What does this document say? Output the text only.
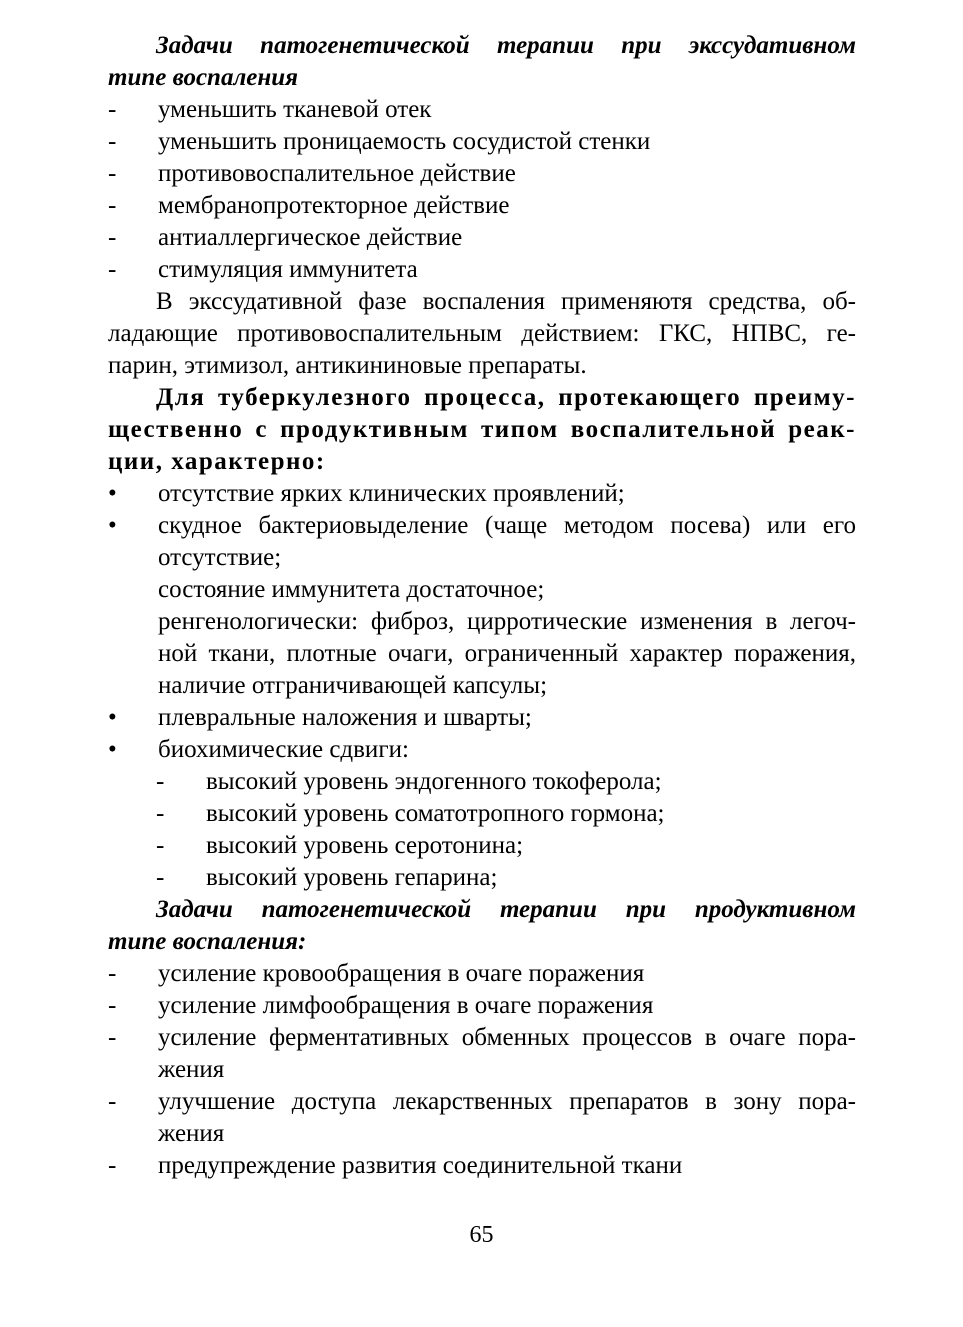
Задачи патогенетической терапии при экссудативном
типе воспаления
-	уменьшить тканевой отек
-	уменьшить проницаемость сосудистой стенки
-	противовоспалительное действие
-	мембранопротекторное действие
-	антиаллергическое действие
-	стимуляция иммунитета
В экссудативной фазе воспаления применяютя средства, об-
ладающие противовоспалительным действием: ГКС, НПВС, ге-
парин, этимизол, антикининовые препараты.
Для туберкулезного процесса, протекающего преиму-
щественно с продуктивным типом воспалительной реак-
ции, характерно:
•	отсутствие ярких клинических проявлений;
•	скудное бактериовыделение (чаще методом посева) или его
отсутствие;
состояние иммунитета достаточное;
ренгенологически: фиброз, цирротические изменения в легоч-
ной ткани, плотные очаги, ограниченный характер поражения,
наличие отграничивающей капсулы;
•	плевральные наложения и шварты;
•	биохимические сдвиги:
- высокий уровень эндогенного токоферола;
- высокий уровень соматотропного гормона;
- высокий уровень серотонина;
- высокий уровень гепарина;
Задачи патогенетической терапии при продуктивном
типе воспаления:
-	усиление кровообращения в очаге поражения
-	усиление лимфообращения в очаге поражения
-	усиление ферментативных обменных процессов в очаге пора-
жения
-	улучшение доступа лекарственных препаратов в зону пора-
жения
-	предупреждение развития соединительной ткани
65
